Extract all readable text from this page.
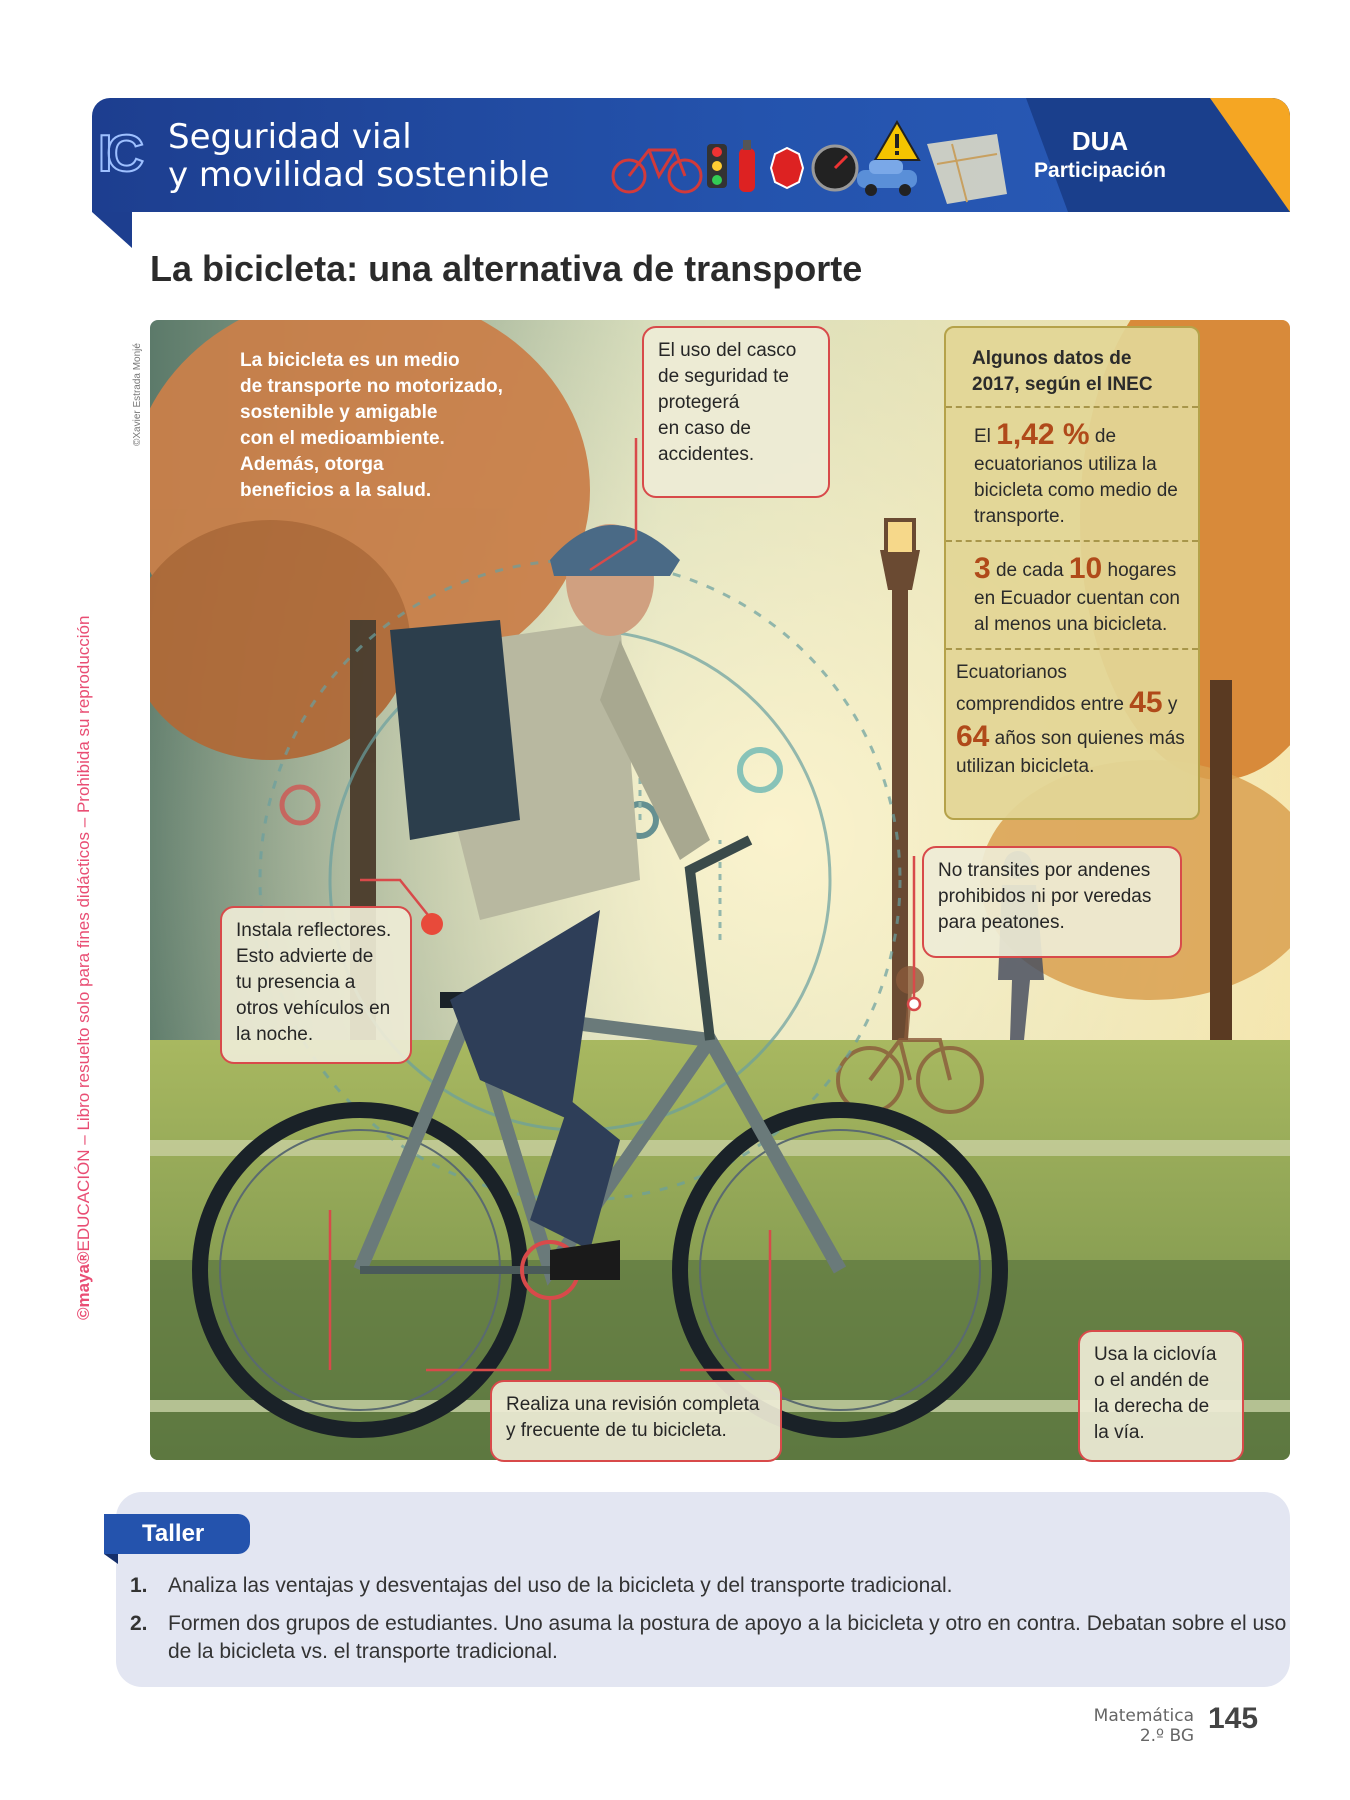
IC Seguridad vial
y movilidad sostenible
DUA
Participación
La bicicleta: una alternativa de transporte
©maya®EDUCACIÓN – Libro resuelto solo para fines didácticos – Prohibida su reproducción
©Xavier Estrada Monjé	La bicicleta es un medio
de transporte no motorizado,
sostenible y amigable
con el medioambiente.
Además, otorga
beneficios a la salud.
El uso del casco
de seguridad te
protegerá
en caso de
accidentes.
Instala reflectores.
Esto advierte de
tu presencia a
otros vehículos en
la noche.
No transites por andenes
prohibidos ni por veredas
para peatones.
Realiza una revisión completa
y frecuente de tu bicicleta.
Usa la ciclovía
o el andén de
la derecha de
la vía.
Algunos datos de 2017, según el INEC
El 1,42 % de ecuatorianos utiliza la bicicleta como medio de transporte.
3 de cada 10 hogares en Ecuador cuentan con al menos una bicicleta.
Ecuatorianos comprendidos entre 45 y 64 años son quienes más utilizan bicicleta.
Taller
1. Analiza las ventajas y desventajas del uso de la bicicleta y del transporte tradicional.
2. Formen dos grupos de estudiantes. Uno asuma la postura de apoyo a la bicicleta y otro en contra. Debatan sobre el uso de la bicicleta vs. el transporte tradicional.
Matemática
2.º BG
145
